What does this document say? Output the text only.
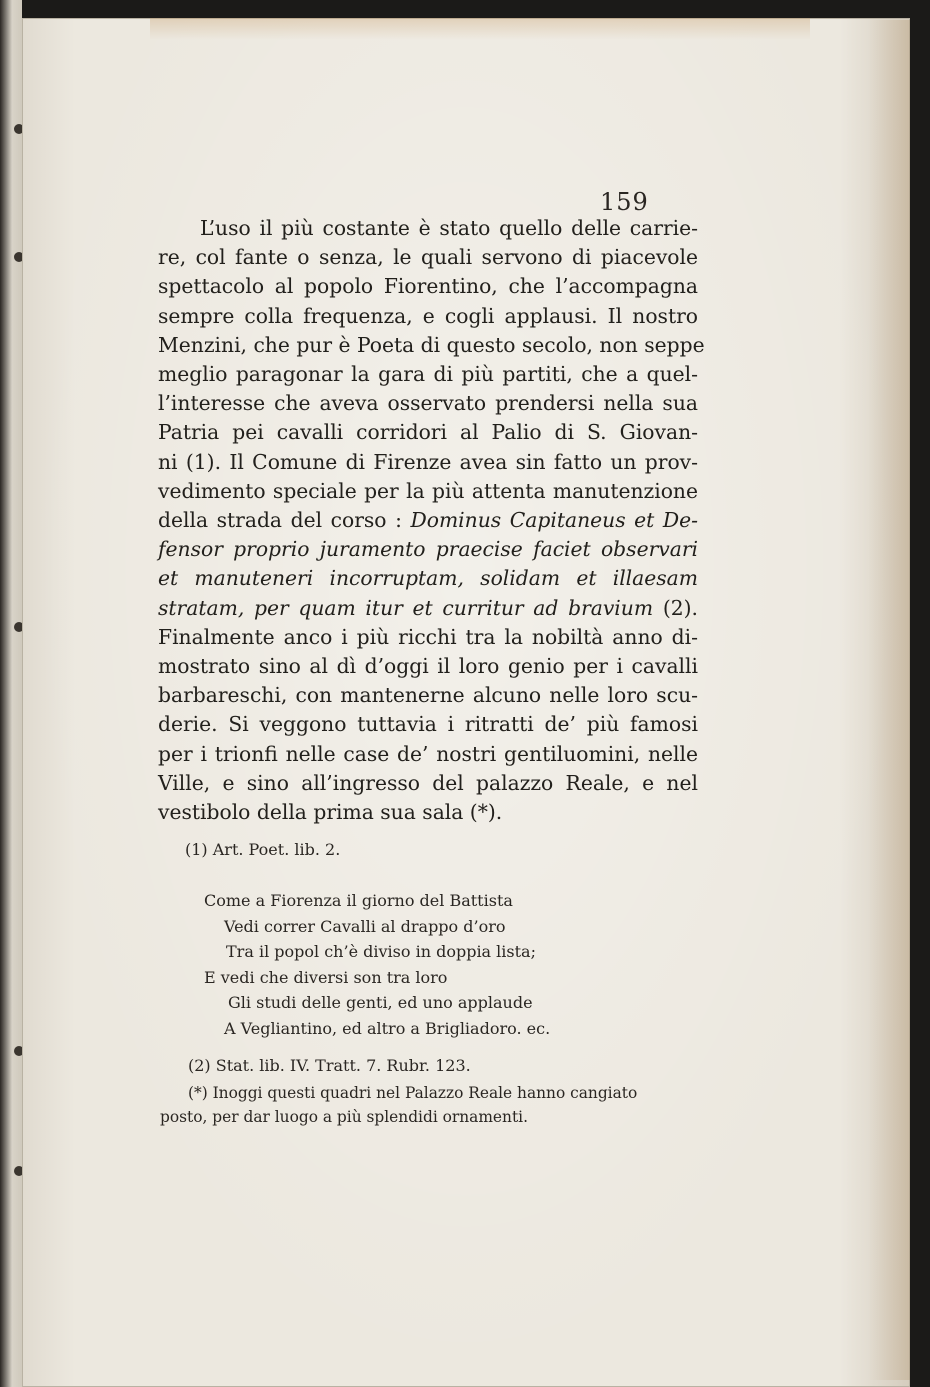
159
L’uso il più costante è stato quello delle carrie-
re, col fante o senza, le quali servono di piacevole
spettacolo al popolo Fiorentino, che l’accompagna
sempre colla frequenza, e cogli applausi. Il nostro
Menzini, che pur è Poeta di questo secolo, non seppe
meglio paragonar la gara di più partiti, che a quel-
l’interesse che aveva osservato prendersi nella sua
Patria pei cavalli corridori al Palio di S. Giovan-
ni (1). Il Comune di Firenze avea sin fatto un prov-
vedimento speciale per la più attenta manutenzione
della strada del corso : Dominus Capitaneus et De-
fensor proprio juramento praecise faciet observari
et manuteneri incorruptam, solidam et illaesam
stratam, per quam itur et curritur ad bravium (2).
Finalmente anco i più ricchi tra la nobiltà anno di-
mostrato sino al dì d’oggi il loro genio per i cavalli
barbareschi, con mantenerne alcuno nelle loro scu-
derie. Si veggono tuttavia i ritratti de’ più famosi
per i trionfi nelle case de’ nostri gentiluomini, nelle
Ville, e sino all’ingresso del palazzo Reale, e nel
vestibolo della prima sua sala (*).
(1) Art. Poet. lib. 2.
Come a Fiorenza il giorno del Battista
Vedi correr Cavalli al drappo d’oro
Tra il popol ch’è diviso in doppia lista;
E vedi che diversi son tra loro
Gli studi delle genti, ed uno applaude
A Vegliantino, ed altro a Brigliadoro. ec.
(2) Stat. lib. IV. Tratt. 7. Rubr. 123.
(*) Inoggi questi quadri nel Palazzo Reale hanno cangiato
posto, per dar luogo a più splendidi ornamenti.
